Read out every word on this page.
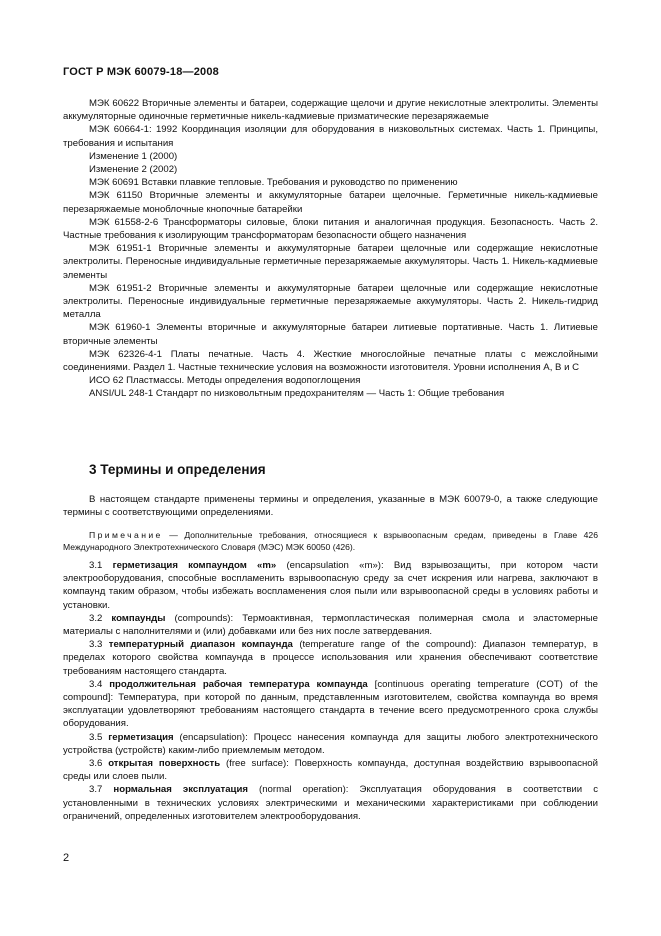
ГОСТ Р МЭК 60079-18—2008

МЭК 60622 Вторичные элементы и батареи, содержащие щелочи и другие некислотные электролиты. Элементы аккумуляторные одиночные герметичные никель-кадмиевые призматические перезаряжаемые

МЭК 60664-1: 1992 Координация изоляции для оборудования в низковольтных системах. Часть 1. Принципы, требования и испытания

Изменение 1 (2000)

Изменение 2 (2002)

МЭК 60691 Вставки плавкие тепловые. Требования и руководство по применению

МЭК 61150 Вторичные элементы и аккумуляторные батареи щелочные. Герметичные никель-кадмиевые перезаряжаемые моноблочные кнопочные батарейки

МЭК 61558-2-6 Трансформаторы силовые, блоки питания и аналогичная продукция. Безопасность. Часть 2. Частные требования к изолирующим трансформаторам безопасности общего назначения

МЭК 61951-1 Вторичные элементы и аккумуляторные батареи щелочные или содержащие некислотные электролиты. Переносные индивидуальные герметичные перезаряжаемые аккумуляторы. Часть 1. Никель-кадмиевые элементы

МЭК 61951-2 Вторичные элементы и аккумуляторные батареи щелочные или содержащие некислотные электролиты. Переносные индивидуальные герметичные перезаряжаемые аккумуляторы. Часть 2. Никель-гидрид металла

МЭК 61960-1 Элементы вторичные и аккумуляторные батареи литиевые портативные. Часть 1. Литиевые вторичные элементы

МЭК 62326-4-1 Платы печатные. Часть 4. Жесткие многослойные печатные платы с межслойными соединениями. Раздел 1. Частные технические условия на возможности изготовителя. Уровни исполнения А, В и С

ИСО 62 Пластмассы. Методы определения водопоглощения

ANSI/UL 248-1 Стандарт по низковольтным предохранителям — Часть 1: Общие требования

3 Термины и определения

В настоящем стандарте применены термины и определения, указанные в МЭК 60079-0, а также следующие термины с соответствующими определениями.

Примечание — Дополнительные требования, относящиеся к взрывоопасным средам, приведены в Главе 426 Международного Электротехнического Словаря (МЭС) МЭК 60050 (426).

3.1 герметизация компаундом «m» (encapsulation «m»): Вид взрывозащиты, при котором части электрооборудования, способные воспламенить взрывоопасную среду за счет искрения или нагрева, заключают в компаунд таким образом, чтобы избежать воспламенения слоя пыли или взрывоопасной среды в условиях работы и установки.

3.2 компаунды (compounds): Термоактивная, термопластическая полимерная смола и эластомерные материалы с наполнителями и (или) добавками или без них после затвердевания.

3.3 температурный диапазон компаунда (temperature range of the compound): Диапазон температур, в пределах которого свойства компаунда в процессе использования или хранения обеспечивают соответствие требованиям настоящего стандарта.

3.4 продолжительная рабочая температура компаунда [continuous operating temperature (COT) of the compound]: Температура, при которой по данным, представленным изготовителем, свойства компаунда во время эксплуатации удовлетворяют требованиям настоящего стандарта в течение всего предусмотренного срока службы оборудования.

3.5 герметизация (encapsulation): Процесс нанесения компаунда для защиты любого электротехнического устройства (устройств) каким-либо приемлемым методом.

3.6 открытая поверхность (free surface): Поверхность компаунда, доступная воздействию взрывоопасной среды или слоев пыли.

3.7 нормальная эксплуатация (normal operation): Эксплуатация оборудования в соответствии с установленными в технических условиях электрическими и механическими характеристиками при соблюдении ограничений, определенных изготовителем электрооборудования.

2
